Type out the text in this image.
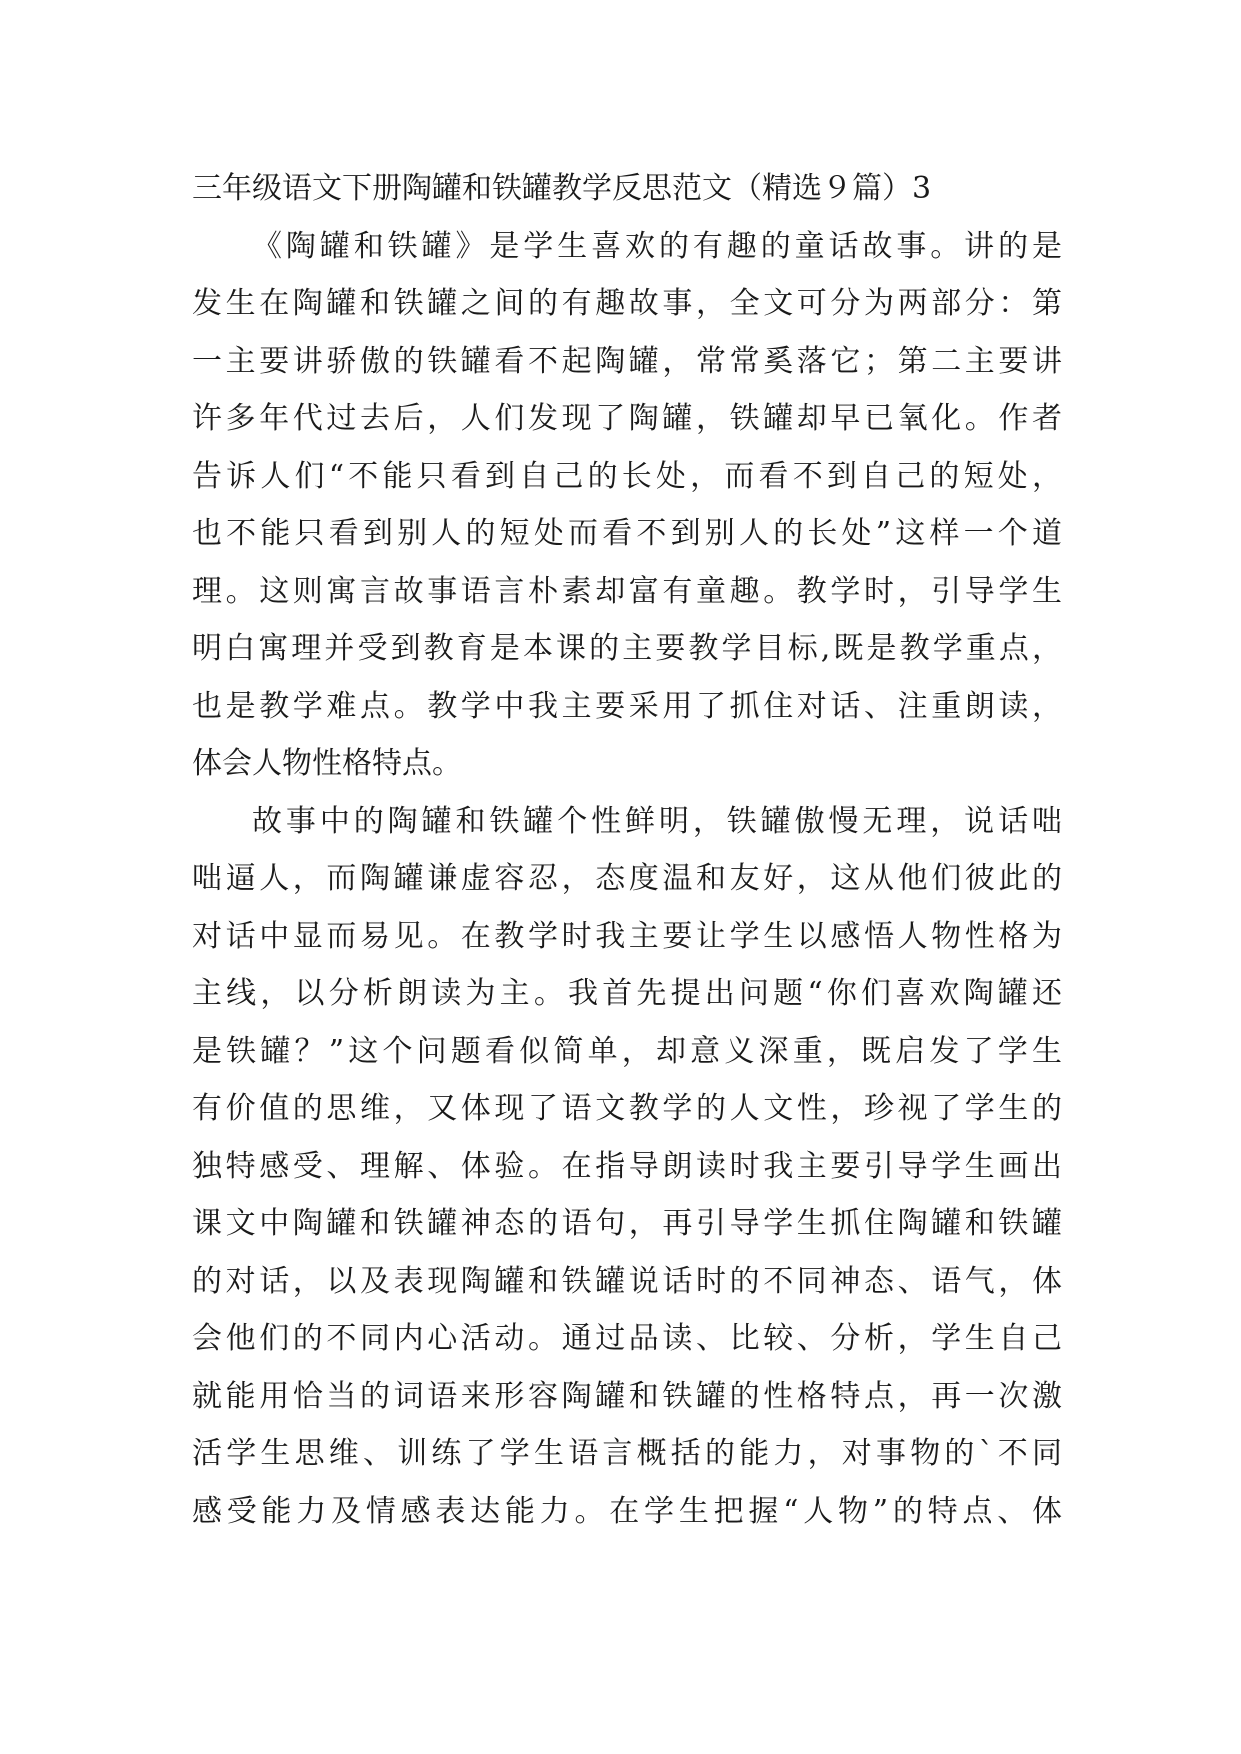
三年级语文下册陶罐和铁罐教学反思范文（精选９篇）3
《陶罐和铁罐》是学生喜欢的有趣的童话故事。讲的是
发生在陶罐和铁罐之间的有趣故事，全文可分为两部分：第
一主要讲骄傲的铁罐看不起陶罐，常常奚落它；第二主要讲
许多年代过去后，人们发现了陶罐，铁罐却早已氧化。作者
告诉人们“不能只看到自己的长处，而看不到自己的短处，
也不能只看到别人的短处而看不到别人的长处”这样一个道
理。这则寓言故事语言朴素却富有童趣。教学时，引导学生
明白寓理并受到教育是本课的主要教学目标,既是教学重点，
也是教学难点。教学中我主要采用了抓住对话、注重朗读，
体会人物性格特点。
故事中的陶罐和铁罐个性鲜明，铁罐傲慢无理，说话咄
咄逼人，而陶罐谦虚容忍，态度温和友好，这从他们彼此的
对话中显而易见。在教学时我主要让学生以感悟人物性格为
主线，以分析朗读为主。我首先提出问题“你们喜欢陶罐还
是铁罐？”这个问题看似简单，却意义深重，既启发了学生
有价值的思维，又体现了语文教学的人文性，珍视了学生的
独特感受、理解、体验。在指导朗读时我主要引导学生画出
课文中陶罐和铁罐神态的语句，再引导学生抓住陶罐和铁罐
的对话，以及表现陶罐和铁罐说话时的不同神态、语气，体
会他们的不同内心活动。通过品读、比较、分析，学生自己
就能用恰当的词语来形容陶罐和铁罐的性格特点，再一次激
活学生思维、训练了学生语言概括的能力，对事物的`不同
感受能力及情感表达能力。在学生把握“人物”的特点、体
